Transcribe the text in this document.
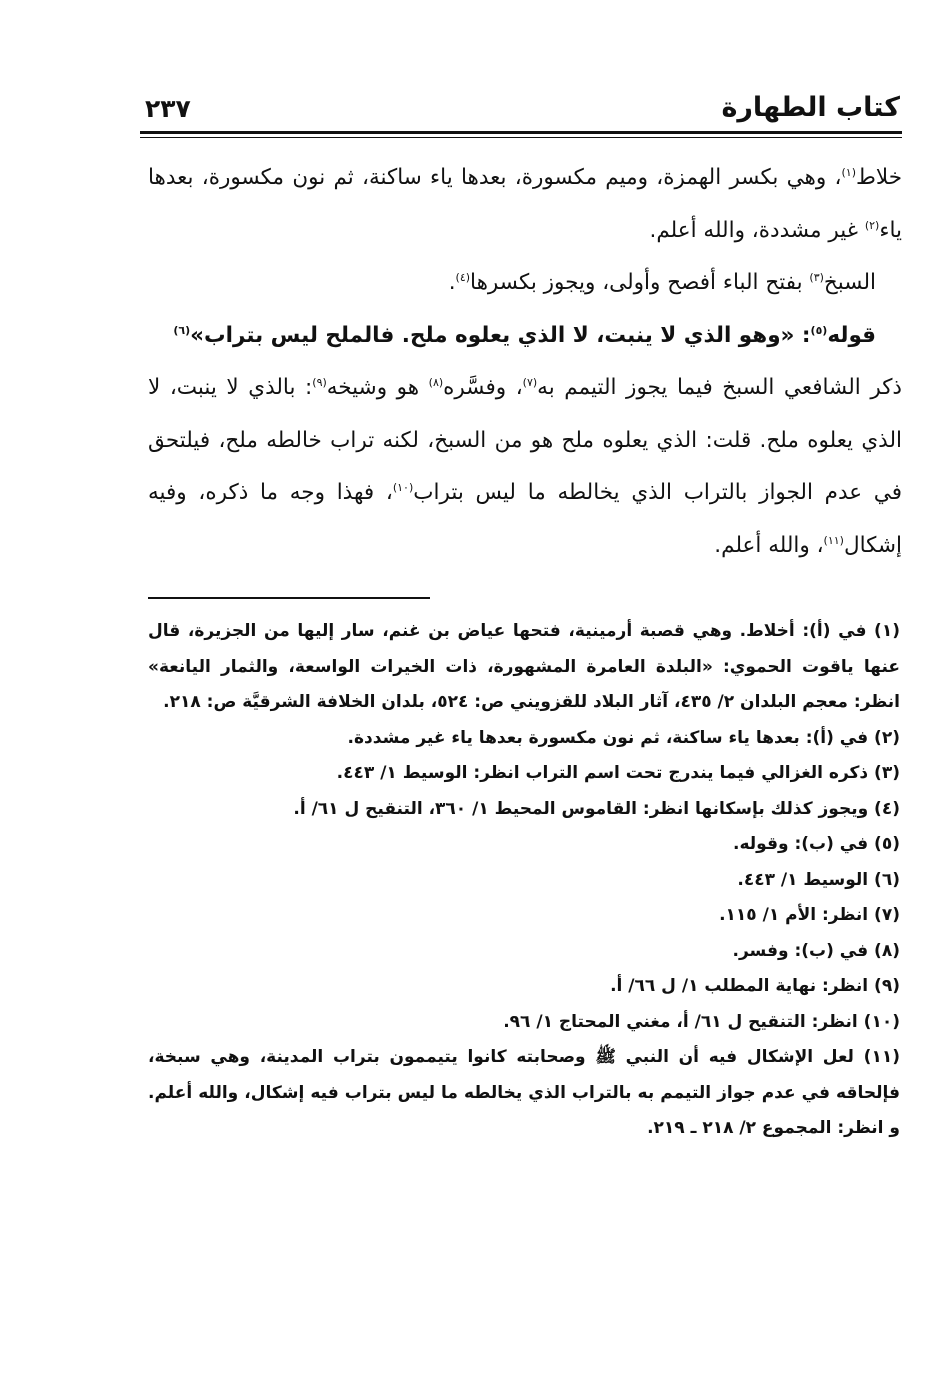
كتاب الطهارة
٢٣٧

خلاط$^{(١)}$، وهي بكسر الهمزة، وميم مكسورة، بعدها ياء ساكنة، ثم نون مكسورة، بعدها ياء$^{(٢)}$ غير مشددة، والله أعلم.

السبخ$^{(٣)}$ بفتح الباء أفصح وأولى، ويجوز بكسرها$^{(٤)}$.

قوله$^{(٥)}$: «وهو الذي لا ينبت، لا الذي يعلوه ملح. فالملح ليس بتراب»$^{(٦)}$

ذكر الشافعي السبخ فيما يجوز التيمم به$^{(٧)}$، وفسَّره$^{(٨)}$ هو وشيخه$^{(٩)}$: بالذي لا ينبت، لا الذي يعلوه ملح. قلت: الذي يعلوه ملح هو من السبخ، لكنه تراب خالطه ملح، فيلتحق في عدم الجواز بالتراب الذي يخالطه ما ليس بتراب$^{(١٠)}$، فهذا وجه ما ذكره، وفيه إشكال$^{(١١)}$، والله أعلم.

(١) في (أ): أخلاط. وهي قصبة أرمينية، فتحها عياض بن غنم، سار إليها من الجزيرة، قال عنها ياقوت الحموي: «البلدة العامرة المشهورة، ذات الخيرات الواسعة، والثمار اليانعة» انظر: معجم البلدان ٢/ ٤٣٥، آثار البلاد للقزويني ص: ٥٢٤، بلدان الخلافة الشرقيَّة ص: ٢١٨.

(٢) في (أ): بعدها ياء ساكنة، ثم نون مكسورة بعدها ياء غير مشددة.

(٣) ذكره الغزالي فيما يندرج تحت اسم التراب انظر: الوسيط ١/ ٤٤٣.

(٤) ويجوز كذلك بإسكانها انظر: القاموس المحيط ١/ ٣٦٠، التنقيح ل ٦١/ أ.

(٥) في (ب): وقوله.

(٦) الوسيط ١/ ٤٤٣.

(٧) انظر: الأم ١/ ١١٥.

(٨) في (ب): وفسر.

(٩) انظر: نهاية المطلب ١/ ل ٦٦/ أ.

(١٠) انظر: التنقيح ل ٦١/ أ، مغني المحتاج ١/ ٩٦.

(١١) لعل الإشكال فيه أن النبي ﷺ وصحابته كانوا يتيممون بتراب المدينة، وهي سبخة، فإلحاقه في عدم جواز التيمم به بالتراب الذي يخالطه ما ليس بتراب فيه إشكال، والله أعلم. و انظر: المجموع ٢/ ٢١٨ ـ ٢١٩.
